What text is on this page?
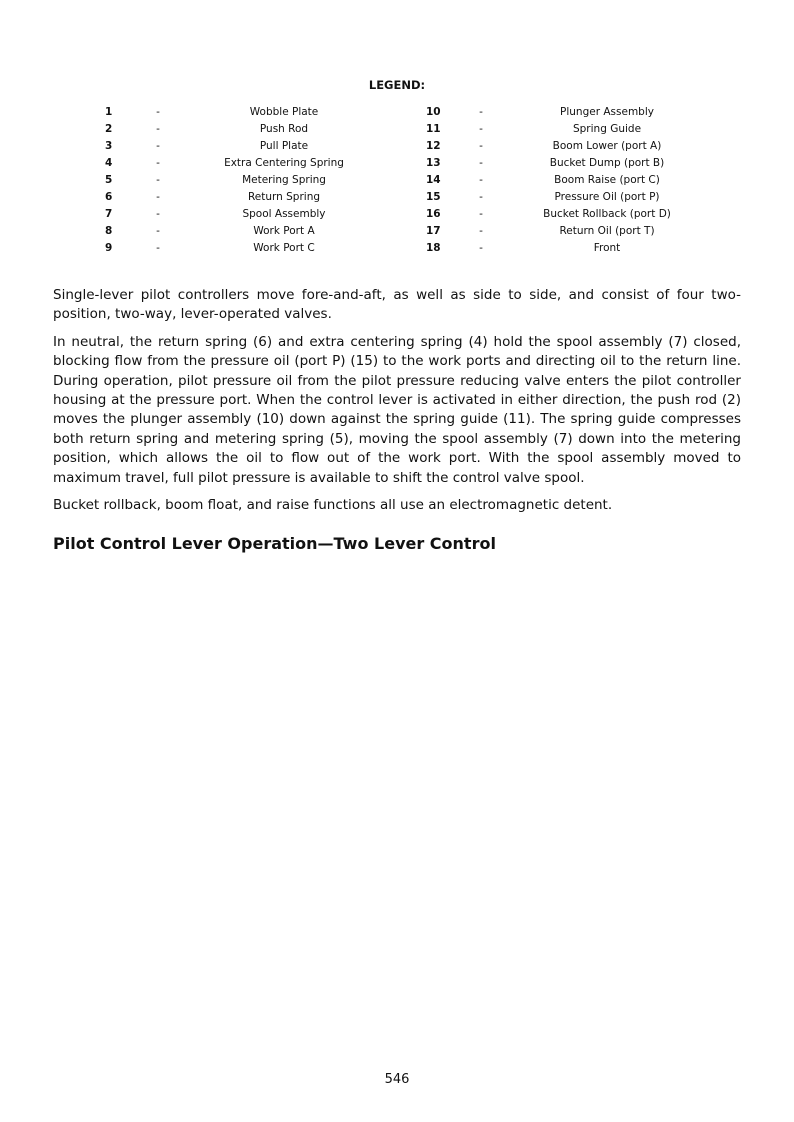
LEGEND:
1	-	Wobble Plate	10	-	Plunger Assembly
2	-	Push Rod	11	-	Spring Guide
3	-	Pull Plate	12	-	Boom Lower (port A)
4	-	Extra Centering Spring	13	-	Bucket Dump (port B)
5	-	Metering Spring	14	-	Boom Raise (port C)
6	-	Return Spring	15	-	Pressure Oil (port P)
7	-	Spool Assembly	16	-	Bucket Rollback (port D)
8	-	Work Port A	17	-	Return Oil (port T)
9	-	Work Port C	18	-	Front

Single-lever pilot controllers move fore-and-aft, as well as side to side, and consist of four two-position, two-way, lever-operated valves.

In neutral, the return spring (6) and extra centering spring (4) hold the spool assembly (7) closed, blocking flow from the pressure oil (port P) (15) to the work ports and directing oil to the return line. During operation, pilot pressure oil from the pilot pressure reducing valve enters the pilot controller housing at the pressure port. When the control lever is activated in either direction, the push rod (2) moves the plunger assembly (10) down against the spring guide (11). The spring guide compresses both return spring and metering spring (5), moving the spool assembly (7) down into the metering position, which allows the oil to flow out of the work port. With the spool assembly moved to maximum travel, full pilot pressure is available to shift the control valve spool.

Bucket rollback, boom float, and raise functions all use an electromagnetic detent.

Pilot Control Lever Operation—Two Lever Control
546
